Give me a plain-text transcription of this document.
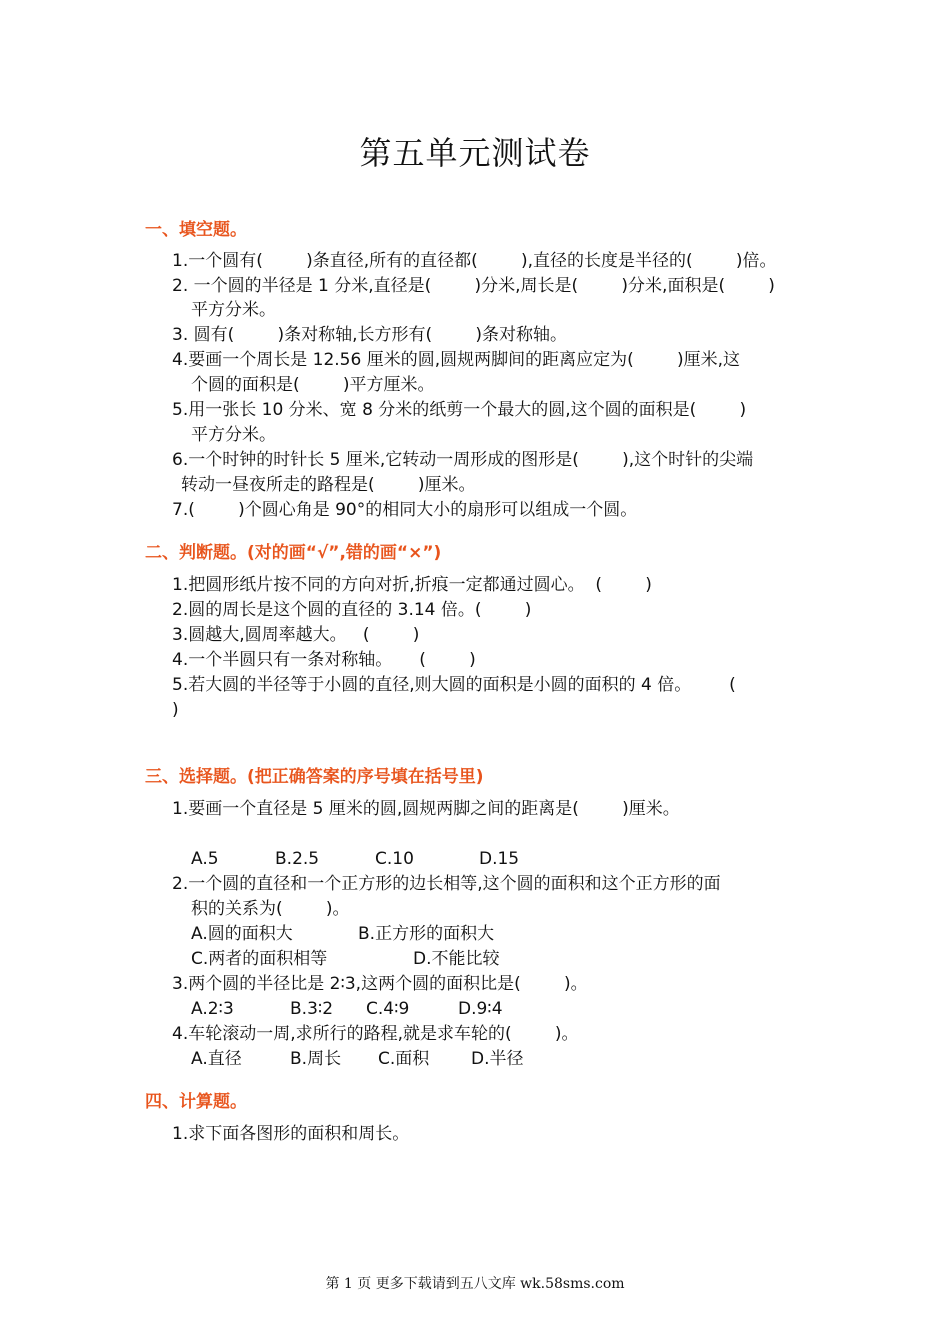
第五单元测试卷
一、填空题。
1.一个圆有(        )条直径,所有的直径都(        ),直径的长度是半径的(        )倍。
2. 一个圆的半径是 1 分米,直径是(        )分米,周长是(        )分米,面积是(        )
平方分米。
3. 圆有(        )条对称轴,长方形有(        )条对称轴。
4.要画一个周长是 12.56 厘米的圆,圆规两脚间的距离应定为(        )厘米,这
个圆的面积是(        )平方厘米。
5.用一张长 10 分米、宽 8 分米的纸剪一个最大的圆,这个圆的面积是(        )
平方分米。
6.一个时钟的时针长 5 厘米,它转动一周形成的图形是(        ),这个时针的尖端
转动一昼夜所走的路程是(        )厘米。
7.(        )个圆心角是 90°的相同大小的扇形可以组成一个圆。
二、判断题。(对的画“√”,错的画“×”)
1.把圆形纸片按不同的方向对折,折痕一定都通过圆心。  (        )
2.圆的周长是这个圆的直径的 3.14 倍。(        )
3.圆越大,圆周率越大。   (        )
4.一个半圆只有一条对称轴。     (        )
5.若大圆的半径等于小圆的直径,则大圆的面积是小圆的面积的 4 倍。       (
)
三、选择题。(把正确答案的序号填在括号里)
1.要画一个直径是 5 厘米的圆,圆规两脚之间的距离是(        )厘米。
A.5	B.2.5	C.10	D.15
2.一个圆的直径和一个正方形的边长相等,这个圆的面积和这个正方形的面
积的关系为(        )。
A.圆的面积大	B.正方形的面积大
C.两者的面积相等	D.不能比较
3.两个圆的半径比是 2∶3,这两个圆的面积比是(        )。
A.2∶3	B.3∶2 C.4∶9	D.9∶4
4.车轮滚动一周,求所行的路程,就是求车轮的(        )。
A.直径	B.周长 C.面积 D.半径
四、计算题。
1.求下面各图形的面积和周长。
第 1 页 更多下载请到五八文库 wk.58sms.com
